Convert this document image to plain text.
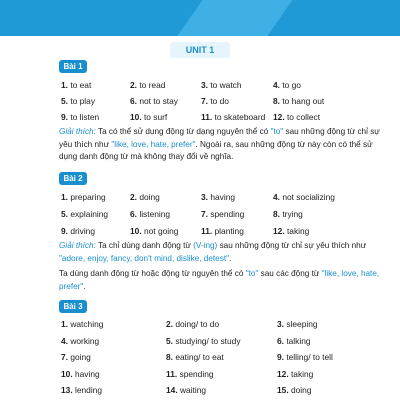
UNIT 1
Bài 1
1. to eat	2. to read	3. to watch	4. to go
5. to play	6. not to stay	7. to do	8. to hang out
9. to listen	10. to surf	11. to skateboard 12. to collect
Giải thích: Ta có thể sử dụng động từ dạng nguyên thể có "to" sau những động từ chỉ sự yêu thích như "like, love, hate, prefer". Ngoài ra, sau những động từ này còn có thể sử dụng danh động từ mà không thay đổi về nghĩa.
Bài 2
1. preparing	2. doing	3. having	4. not socializing
5. explaining	6. listening	7. spending	8. trying
9. driving	10. not going	11. planting	12. taking
Giải thích: Ta chỉ dùng danh động từ (V-ing) sau những động từ chỉ sự yêu thích như "adore, enjoy, fancy, don't mind, dislike, detest".
Ta dùng danh động từ hoặc động từ nguyên thể có "to" sau các động từ "like, love, hate, prefer".
Bài 3
1. watching	2. doing/ to do	3. sleeping
4. working	5. studying/ to study	6. talking
7. going	8. eating/ to eat	9. telling/ to tell
10. having	11. spending	12. taking
13. lending	14. waiting	15. doing
